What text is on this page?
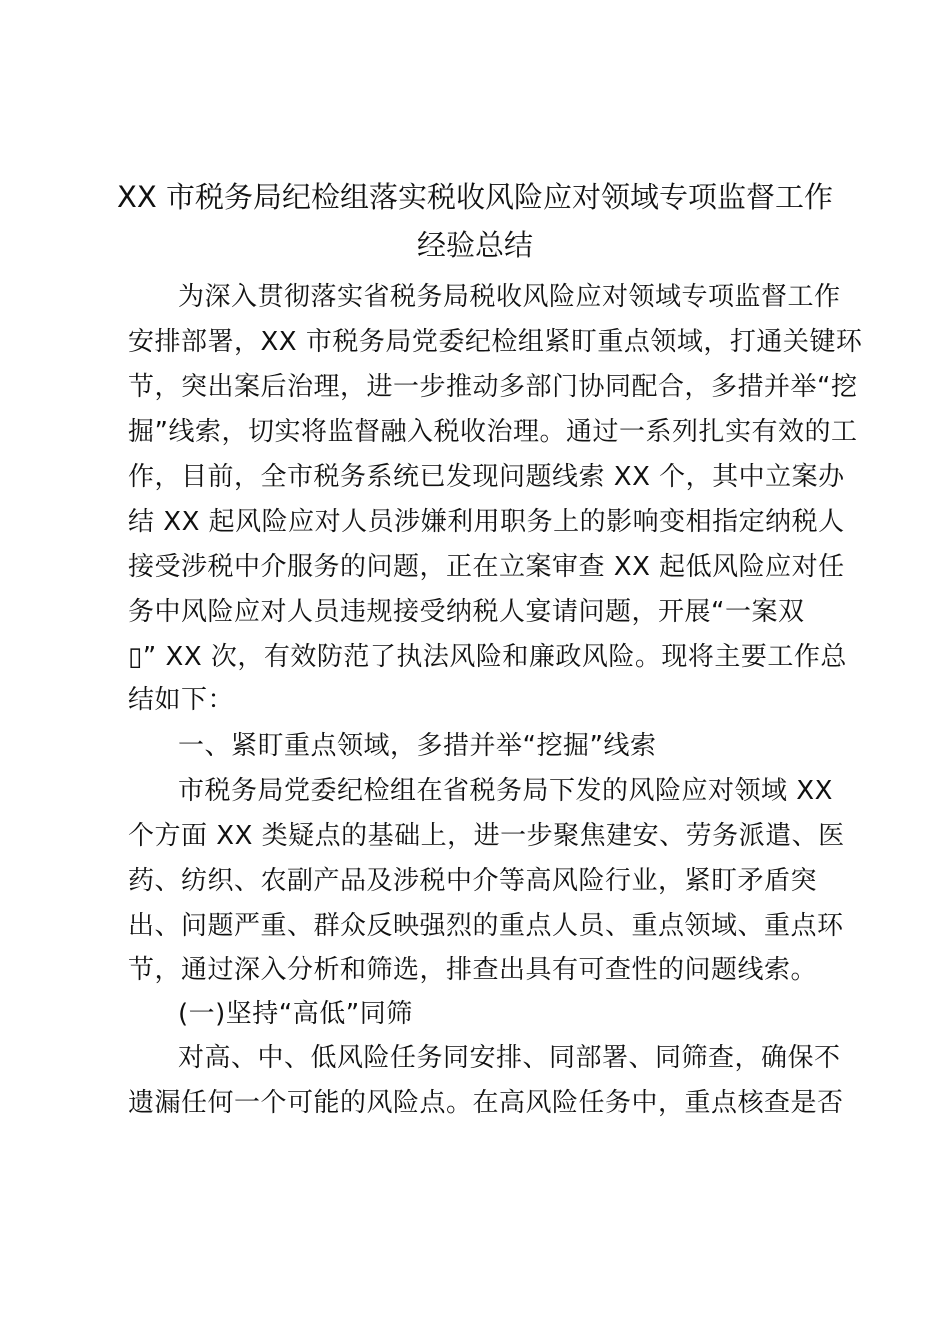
XX 市税务局纪检组落实税收风险应对领域专项监督工作
经验总结
为深入贯彻落实省税务局税收风险应对领域专项监督工作
安排部署，XX 市税务局党委纪检组紧盯重点领域，打通关键环
节，突出案后治理，进一步推动多部门协同配合，多措并举“挖
掘”线索，切实将监督融入税收治理。通过一系列扎实有效的工
作，目前，全市税务系统已发现问题线索 XX 个，其中立案办
结 XX 起风险应对人员涉嫌利用职务上的影响变相指定纳税人
接受涉税中介服务的问题，正在立案审查 XX 起低风险应对任
务中风险应对人员违规接受纳税人宴请问题，开展“一案双
▯” XX 次，有效防范了执法风险和廉政风险。现将主要工作总
结如下：
一、紧盯重点领域，多措并举“挖掘”线索
市税务局党委纪检组在省税务局下发的风险应对领域 XX
个方面 XX 类疑点的基础上，进一步聚焦建安、劳务派遣、医
药、纺织、农副产品及涉税中介等高风险行业，紧盯矛盾突
出、问题严重、群众反映强烈的重点人员、重点领域、重点环
节，通过深入分析和筛选，排查出具有可查性的问题线索。
(一)坚持“高低”同筛
对高、中、低风险任务同安排、同部署、同筛查，确保不
遗漏任何一个可能的风险点。在高风险任务中，重点核查是否
